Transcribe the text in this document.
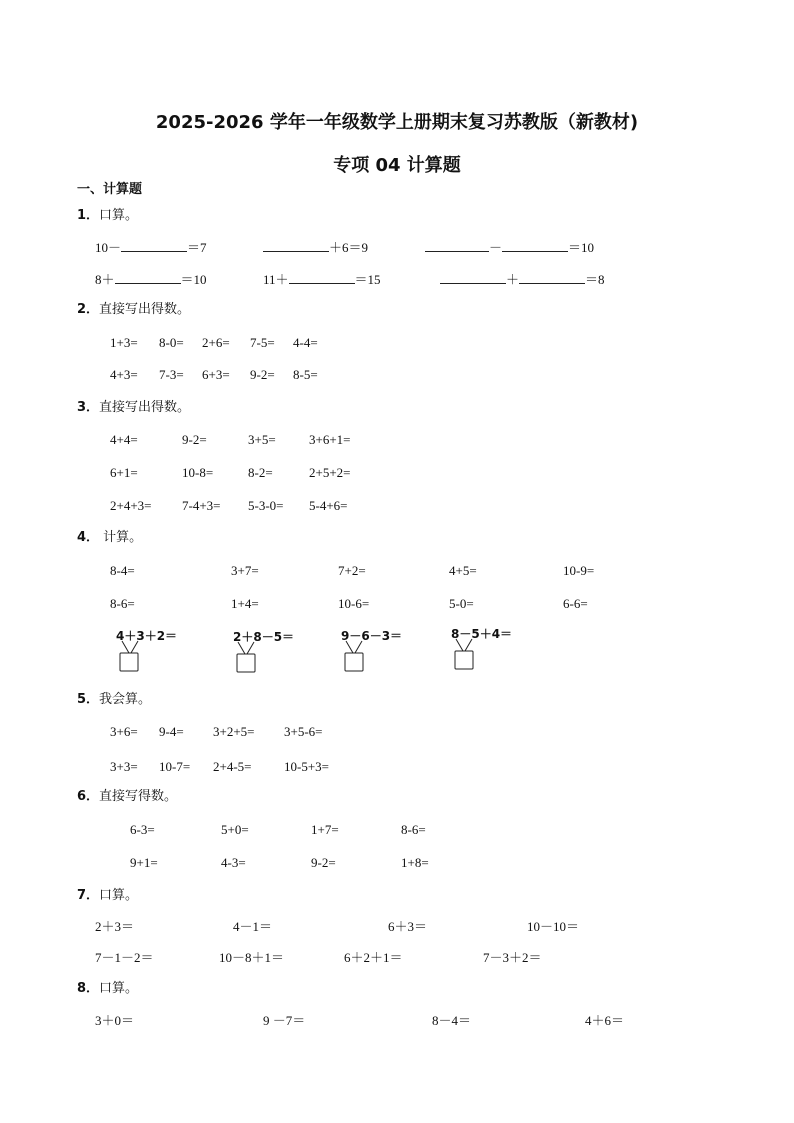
2025-2026 学年一年级数学上册期末复习苏教版（新教材)
专项 04 计算题
一、计算题
1．口算。
10－	＝7	＋6＝9	－	＝10
8＋	＝10	11＋	＝15	＋	＝8
2．直接写出得数。
1+3= 8-0= 2+6= 7-5= 4-4=
4+3= 7-3= 6+3= 9-2= 8-5=
3．直接写出得数。
4+4=	9-2=	3+5=	3+6+1=
6+1=	10-8=	8-2=	2+5+2=
2+4+3= 7-4+3= 5-3-0= 5-4+6=
4． 计算。
8-4=	3+7=	7+2=	4+5=	10-9=
8-6=	1+4=	10-6=	5-0=	6-6=
4＋3＋2＝	2＋8－5＝	9－6－3＝	8－5＋4＝
5．我会算。
3+6= 9-4= 3+2+5= 3+5-6=
3+3= 10-7= 2+4-5=	10-5+3=
6．直接写得数。
6-3=	5+0=	1+7=	8-6=
9+1=	4-3=	9-2=	1+8=
7．口算。
2＋3＝	4－1＝	6＋3＝	10－10＝
7－1－2＝	10－8＋1＝	6＋2＋1＝	7－3＋2＝
8．口算。
3＋0＝	9 －7＝	8－4＝	4＋6＝
